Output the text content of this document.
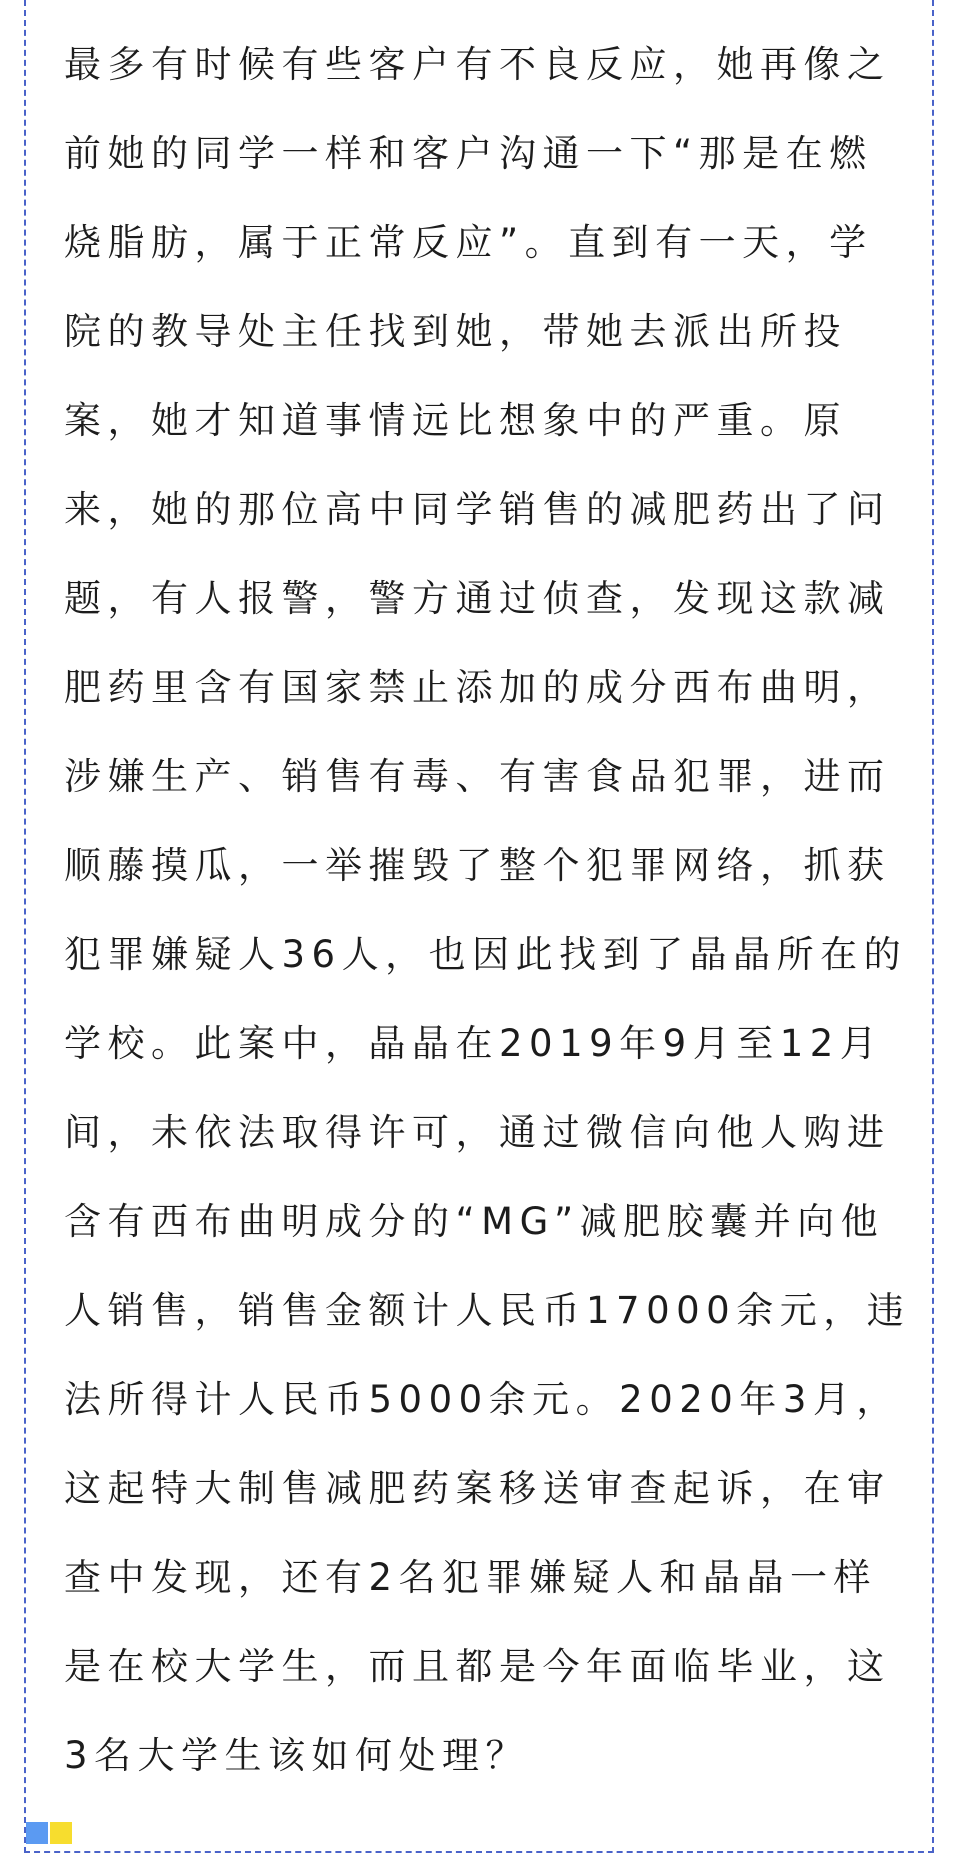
最多有时候有些客户有不良反应，她再像之
前她的同学一样和客户沟通一下“那是在燃
烧脂肪，属于正常反应”。直到有一天，学
院的教导处主任找到她，带她去派出所投
案，她才知道事情远比想象中的严重。原
来，她的那位高中同学销售的减肥药出了问
题，有人报警，警方通过侦查，发现这款减
肥药里含有国家禁止添加的成分西布曲明，
涉嫌生产、销售有毒、有害食品犯罪，进而
顺藤摸瓜，一举摧毁了整个犯罪网络，抓获
犯罪嫌疑人36人，也因此找到了晶晶所在的
学校。此案中，晶晶在2019年9月至12月
间，未依法取得许可，通过微信向他人购进
含有西布曲明成分的“MG”减肥胶囊并向他
人销售，销售金额计人民币17000余元，违
法所得计人民币5000余元。2020年3月，
这起特大制售减肥药案移送审查起诉，在审
查中发现，还有2名犯罪嫌疑人和晶晶一样
是在校大学生，而且都是今年面临毕业，这
3名大学生该如何处理？
